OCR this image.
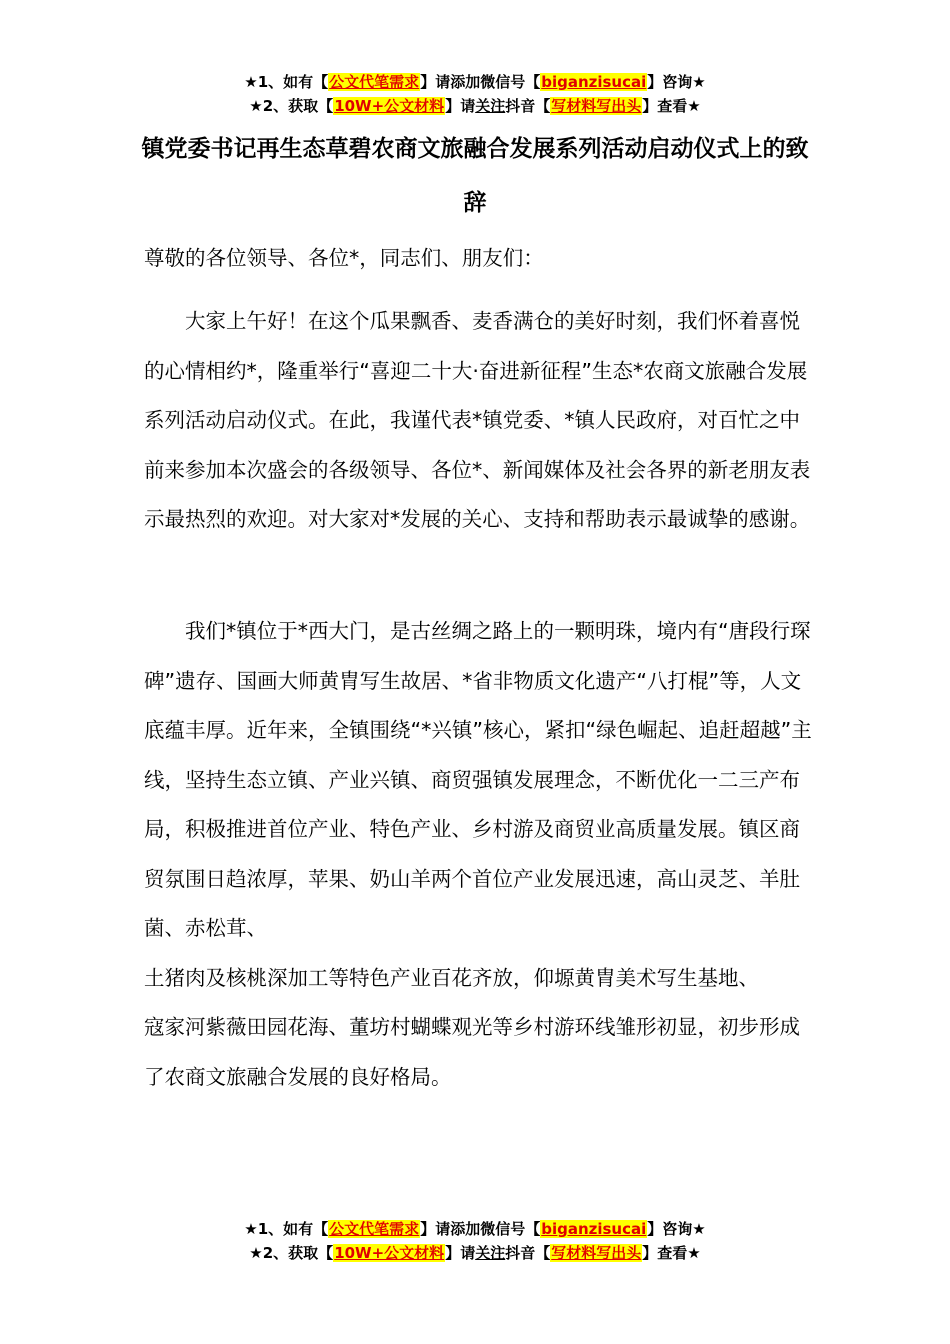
★1、如有【公文代笔需求】请添加微信号【biganzisucai】咨询★
★2、获取【10W+公文材料】请关注抖音【写材料写出头】查看★
镇党委书记再生态草碧农商文旅融合发展系列活动启动仪式上的致辞
尊敬的各位领导、各位*，同志们、朋友们：

大家上午好！在这个瓜果飘香、麦香满仓的美好时刻，我们怀着喜悦的心情相约*，隆重举行“喜迎二十大·奋进新征程”生态*农商文旅融合发展系列活动启动仪式。在此，我谨代表*镇党委、*镇人民政府，对百忙之中前来参加本次盛会的各级领导、各位*、新闻媒体及社会各界的新老朋友表示最热烈的欢迎。对大家对*发展的关心、支持和帮助表示最诚挚的感谢。

我们*镇位于*西大门，是古丝绸之路上的一颗明珠，境内有“唐段行琛碑”遗存、国画大师黄胄写生故居、*省非物质文化遗产“八打棍”等，人文底蕴丰厚。近年来，全镇围绕“*兴镇”核心，紧扣“绿色崛起、追赶超越”主线，坚持生态立镇、产业兴镇、商贸强镇发展理念，不断优化一二三产布局，积极推进首位产业、特色产业、乡村游及商贸业高质量发展。镇区商贸氛围日趋浓厚，苹果、奶山羊两个首位产业发展迅速，高山灵芝、羊肚菌、赤松茸、
土猪肉及核桃深加工等特色产业百花齐放，仰塬黄胄美术写生基地、
寇家河紫薇田园花海、董坊村蝴蝶观光等乡村游环线雏形初显，初步形成了农商文旅融合发展的良好格局。
★1、如有【公文代笔需求】请添加微信号【biganzisucai】咨询★
★2、获取【10W+公文材料】请关注抖音【写材料写出头】查看★
